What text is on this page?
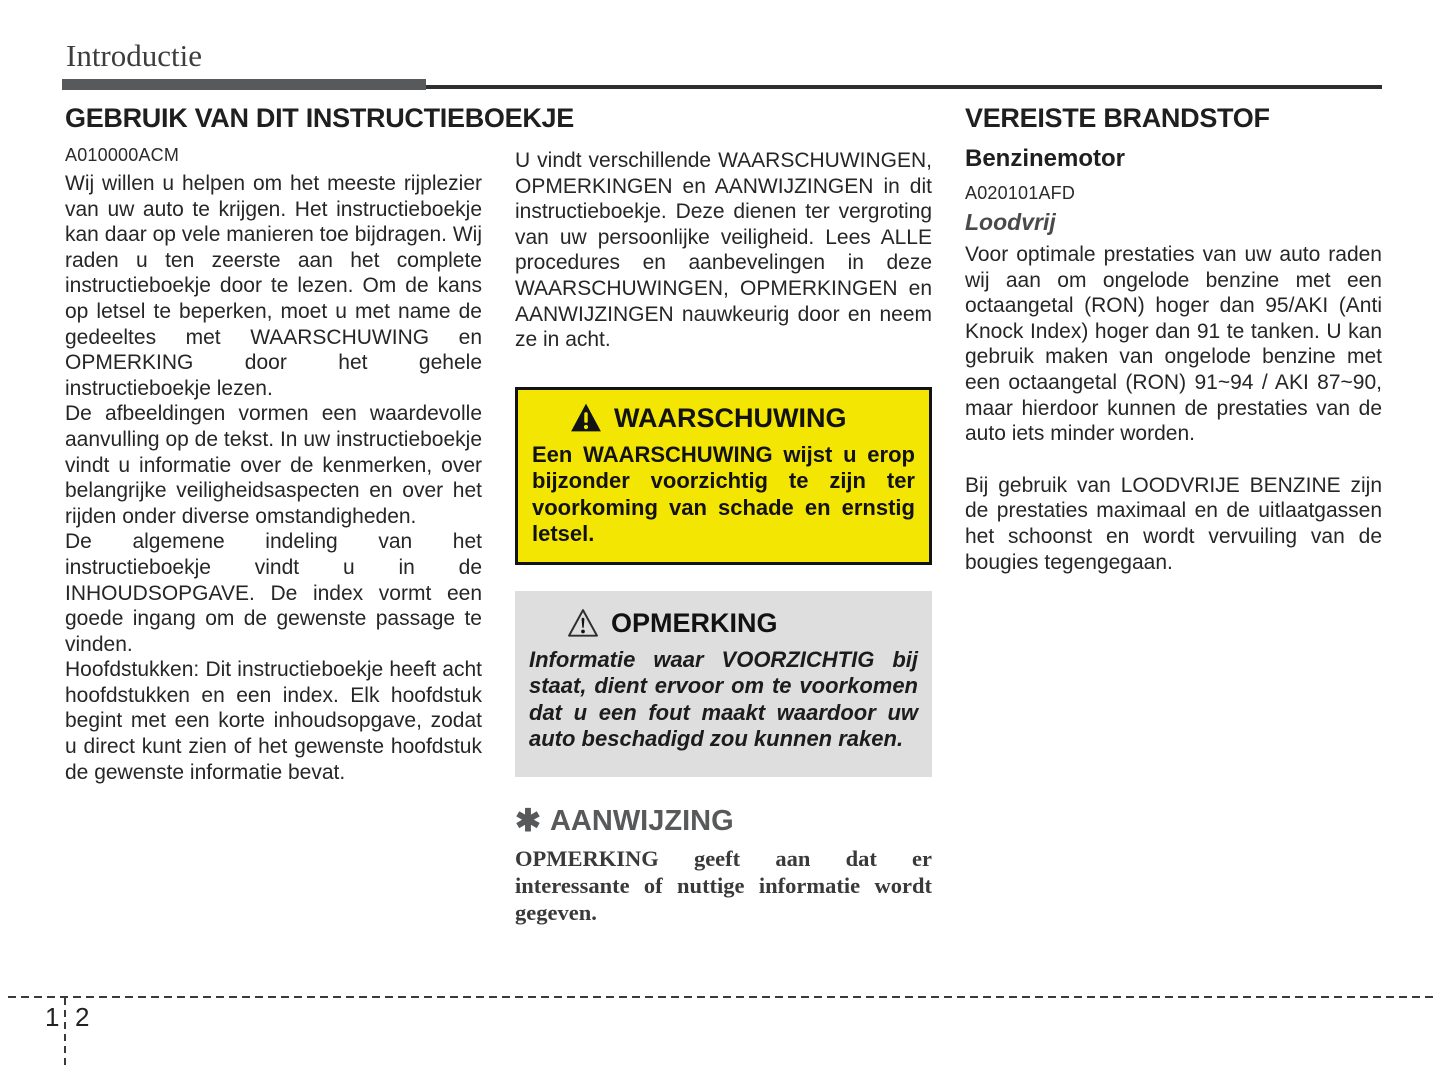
Introductie
GEBRUIK VAN DIT INSTRUCTIEBOEKJE
A010000ACM

Wij willen u helpen om het meeste rijplezier van uw auto te krijgen. Het instructieboekje kan daar op vele manieren toe bijdragen. Wij raden u ten zeerste aan het complete instructieboekje door te lezen. Om de kans op letsel te beperken, moet u met name de gedeeltes met WAARSCHUWING en OPMERKING door het gehele instructieboekje lezen.

De afbeeldingen vormen een waardevolle aanvulling op de tekst. In uw instructieboekje vindt u informatie over de kenmerken, over belangrijke veiligheidsaspecten en over het rijden onder diverse omstandigheden.

De algemene indeling van het instructieboekje vindt u in de INHOUDSOPGAVE. De index vormt een goede ingang om de gewenste passage te vinden.

Hoofdstukken: Dit instructieboekje heeft acht hoofdstukken en een index. Elk hoofdstuk begint met een korte inhoudsopgave, zodat u direct kunt zien of het gewenste hoofdstuk de gewenste informatie bevat.

U vindt verschillende WAARSCHUWINGEN, OPMERKINGEN en AANWIJZINGEN in dit instructieboekje. Deze dienen ter vergroting van uw persoonlijke veiligheid. Lees ALLE procedures en aanbevelingen in deze WAARSCHUWINGEN, OPMERKINGEN en AANWIJZINGEN nauwkeurig door en neem ze in acht.

WAARSCHUWING
Een WAARSCHUWING wijst u erop bijzonder voorzichtig te zijn ter voorkoming van schade en ernstig letsel.
OPMERKING
Informatie waar VOORZICHTIG bij staat, dient ervoor om te voorkomen dat u een fout maakt waardoor uw auto beschadigd zou kunnen raken.
✱ AANWIJZING
OPMERKING geeft aan dat er interessante of nuttige informatie wordt gegeven.
VEREISTE BRANDSTOF
Benzinemotor
A020101AFD
Loodvrij

Voor optimale prestaties van uw auto raden wij aan om ongelode benzine met een octaangetal (RON) hoger dan 95/AKI (Anti Knock Index) hoger dan 91 te tanken. U kan gebruik maken van ongelode benzine met een octaangetal (RON) 91~94 / AKI 87~90, maar hierdoor kunnen de prestaties van de auto iets minder worden.

Bij gebruik van LOODVRIJE BENZINE zijn de prestaties maximaal en de uitlaatgassen het schoonst en wordt vervuiling van de bougies tegengegaan.

1 2
